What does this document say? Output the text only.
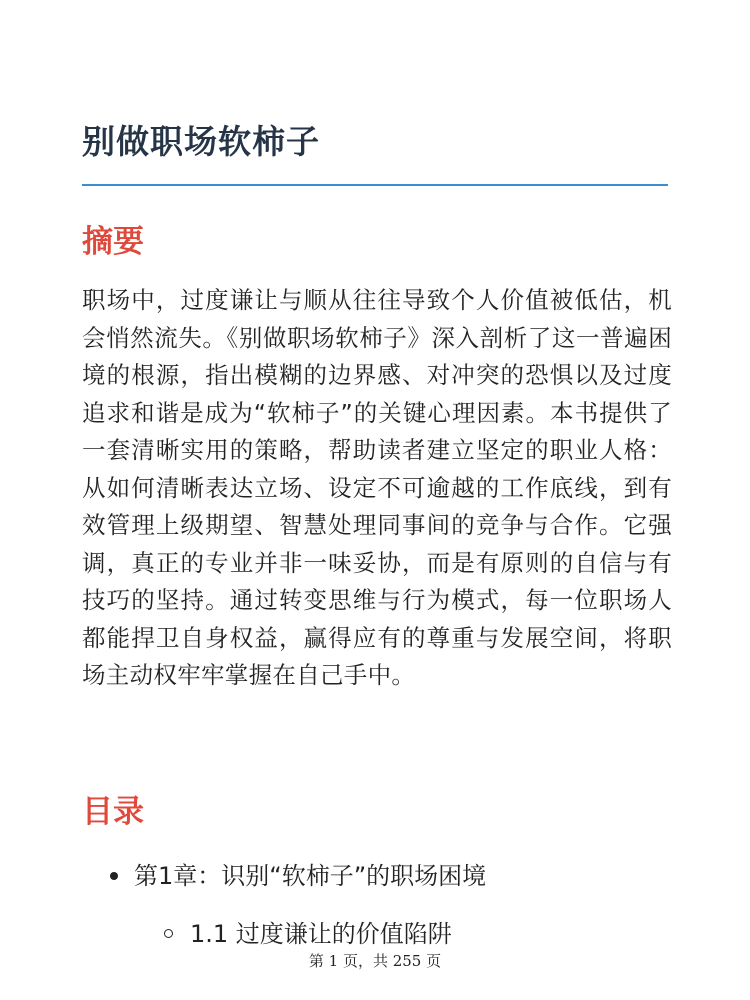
别做职场软柿子
摘要

职场中，过度谦让与顺从往往导致个人价值被低估，机会悄然流失。《别做职场软柿子》深入剖析了这一普遍困境的根源，指出模糊的边界感、对冲突的恐惧以及过度追求和谐是成为“软柿子”的关键心理因素。本书提供了一套清晰实用的策略，帮助读者建立坚定的职业人格：从如何清晰表达立场、设定不可逾越的工作底线，到有效管理上级期望、智慧处理同事间的竞争与合作。它强调，真正的专业并非一味妥协，而是有原则的自信与有技巧的坚持。通过转变思维与行为模式，每一位职场人都能捍卫自身权益，赢得应有的尊重与发展空间，将职场主动权牢牢掌握在自己手中。

目录
第1章：识别“软柿子”的职场困境
1.1 过度谦让的价值陷阱
第 1 页，共 255 页
